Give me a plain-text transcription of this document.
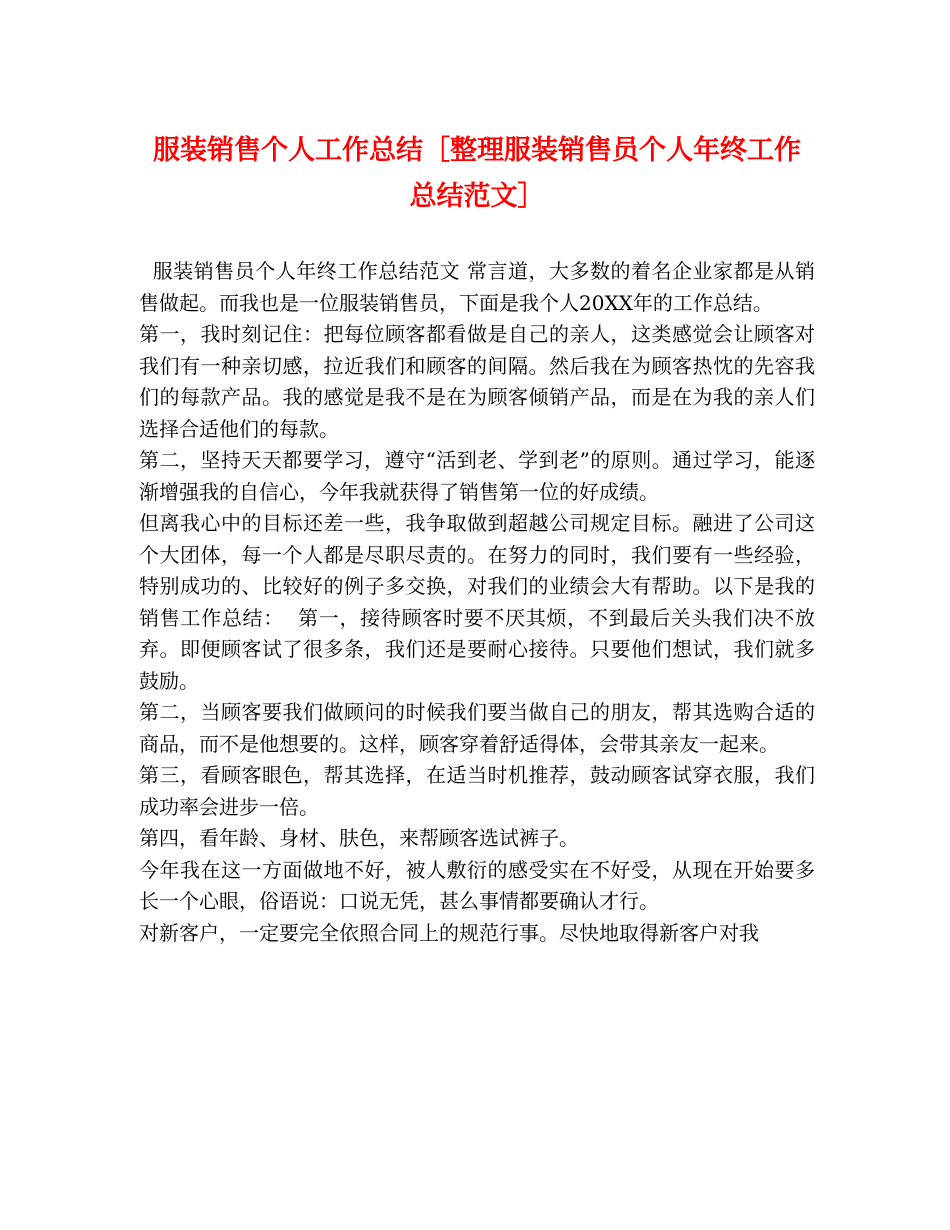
服装销售个人工作总结［整理服装销售员个人年终工作
总结范文］

服装销售员个人年终工作总结范文 常言道，大多数的着名企业家都是从销售做起。而我也是一位服装销售员，下面是我个人20XX年的工作总结。

第一，我时刻记住：把每位顾客都看做是自己的亲人，这类感觉会让顾客对我们有一种亲切感，拉近我们和顾客的间隔。然后我在为顾客热忱的先容我们的每款产品。我的感觉是我不是在为顾客倾销产品，而是在为我的亲人们选择合适他们的每款。

第二，坚持天天都要学习，遵守“活到老、学到老”的原则。通过学习，能逐渐增强我的自信心，今年我就获得了销售第一位的好成绩。

但离我心中的目标还差一些，我争取做到超越公司规定目标。融进了公司这个大团体，每一个人都是尽职尽责的。在努力的同时，我们要有一些经验，特别成功的、比较好的例子多交换，对我们的业绩会大有帮助。以下是我的销售工作总结：  第一，接待顾客时要不厌其烦，不到最后关头我们决不放弃。即便顾客试了很多条，我们还是要耐心接待。只要他们想试，我们就多鼓励。

第二，当顾客要我们做顾问的时候我们要当做自己的朋友，帮其选购合适的商品，而不是他想要的。这样，顾客穿着舒适得体，会带其亲友一起来。

第三，看顾客眼色，帮其选择，在适当时机推荐，鼓动顾客试穿衣服，我们成功率会进步一倍。

第四，看年龄、身材、肤色，来帮顾客选试裤子。

今年我在这一方面做地不好，被人敷衍的感受实在不好受，从现在开始要多长一个心眼，俗语说：口说无凭，甚么事情都要确认才行。

对新客户，一定要完全依照合同上的规范行事。尽快地取得新客户对我
